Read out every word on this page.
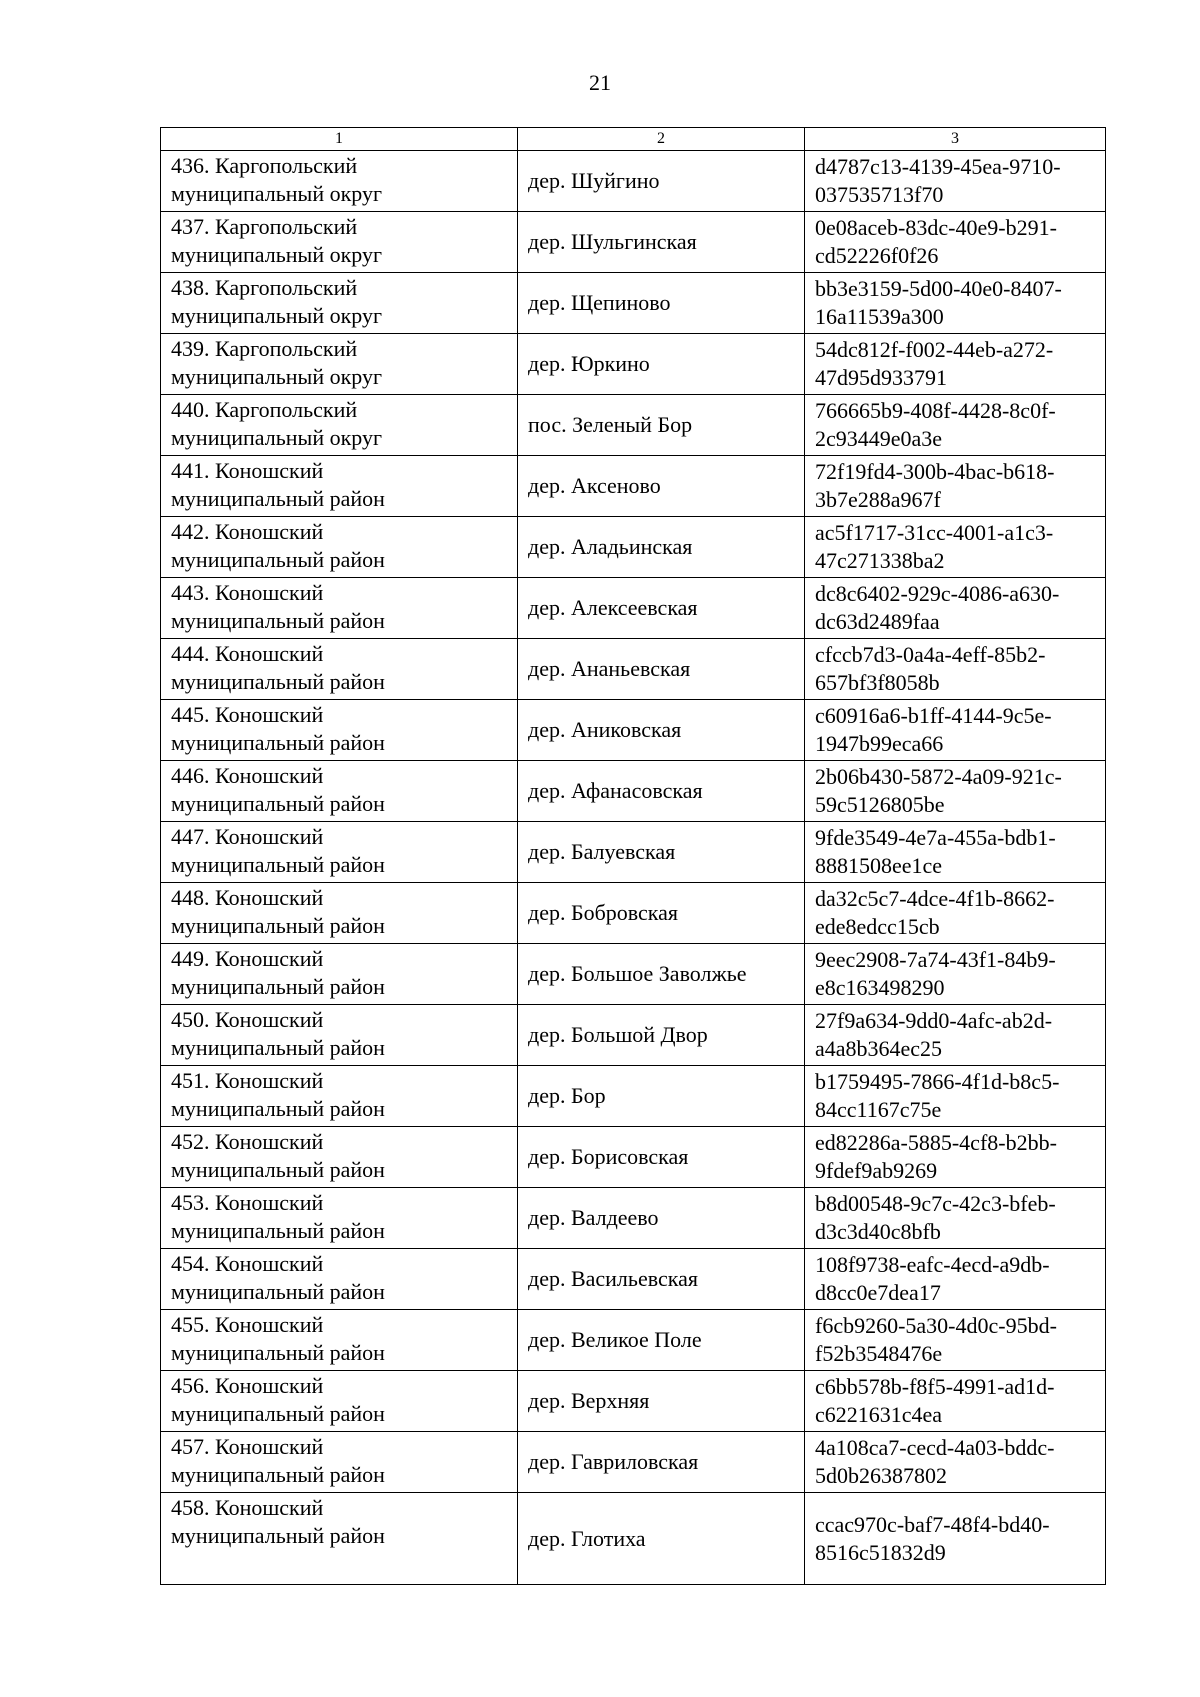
21
1	2	3

436. Каргопольский
муниципальный округ	дер. Шуйгино	d4787c13-4139-45ea-9710-
037535713f70

437. Каргопольский
муниципальный округ	дер. Шульгинская	0e08aceb-83dc-40e9-b291-
cd52226f0f26

438. Каргопольский
муниципальный округ	дер. Щепиново	bb3e3159-5d00-40e0-8407-
16a11539a300

439. Каргопольский
муниципальный округ	дер. Юркино	54dc812f-f002-44eb-a272-
47d95d933791

440. Каргопольский
муниципальный округ	пос. Зеленый Бор	766665b9-408f-4428-8c0f-
2c93449e0a3e

441. Коношский
муниципальный район	дер. Аксеново	72f19fd4-300b-4bac-b618-
3b7e288a967f

442. Коношский
муниципальный район	дер. Аладьинская	ac5f1717-31cc-4001-a1c3-
47c271338ba2

443. Коношский
муниципальный район	дер. Алексеевская	dc8c6402-929c-4086-a630-
dc63d2489faa

444. Коношский
муниципальный район	дер. Ананьевская	cfccb7d3-0a4a-4eff-85b2-
657bf3f8058b

445. Коношский
муниципальный район	дер. Аниковская	c60916a6-b1ff-4144-9c5e-
1947b99eca66

446. Коношский
муниципальный район	дер. Афанасовская	2b06b430-5872-4a09-921c-
59c5126805be

447. Коношский
муниципальный район	дер. Балуевская	9fde3549-4e7a-455a-bdb1-
8881508ee1ce

448. Коношский
муниципальный район	дер. Бобровская	da32c5c7-4dce-4f1b-8662-
ede8edcc15cb

449. Коношский
муниципальный район	дер. Большое Заволжье	9eec2908-7a74-43f1-84b9-
e8c163498290

450. Коношский
муниципальный район	дер. Большой Двор	27f9a634-9dd0-4afc-ab2d-
a4a8b364ec25

451. Коношский
муниципальный район	дер. Бор	b1759495-7866-4f1d-b8c5-
84cc1167c75e

452. Коношский
муниципальный район	дер. Борисовская	ed82286a-5885-4cf8-b2bb-
9fdef9ab9269

453. Коношский
муниципальный район	дер. Валдеево	b8d00548-9c7c-42c3-bfeb-
d3c3d40c8bfb

454. Коношский
муниципальный район	дер. Васильевская	108f9738-eafc-4ecd-a9db-
d8cc0e7dea17

455. Коношский
муниципальный район	дер. Великое Поле	f6cb9260-5a30-4d0c-95bd-
f52b3548476e

456. Коношский
муниципальный район	дер. Верхняя	c6bb578b-f8f5-4991-ad1d-
c6221631c4ea

457. Коношский
муниципальный район	дер. Гавриловская	4a108ca7-cecd-4a03-bddc-
5d0b26387802

458. Коношский
муниципальный район	дер. Глотиха	ccac970c-baf7-48f4-bd40-
8516c51832d9
